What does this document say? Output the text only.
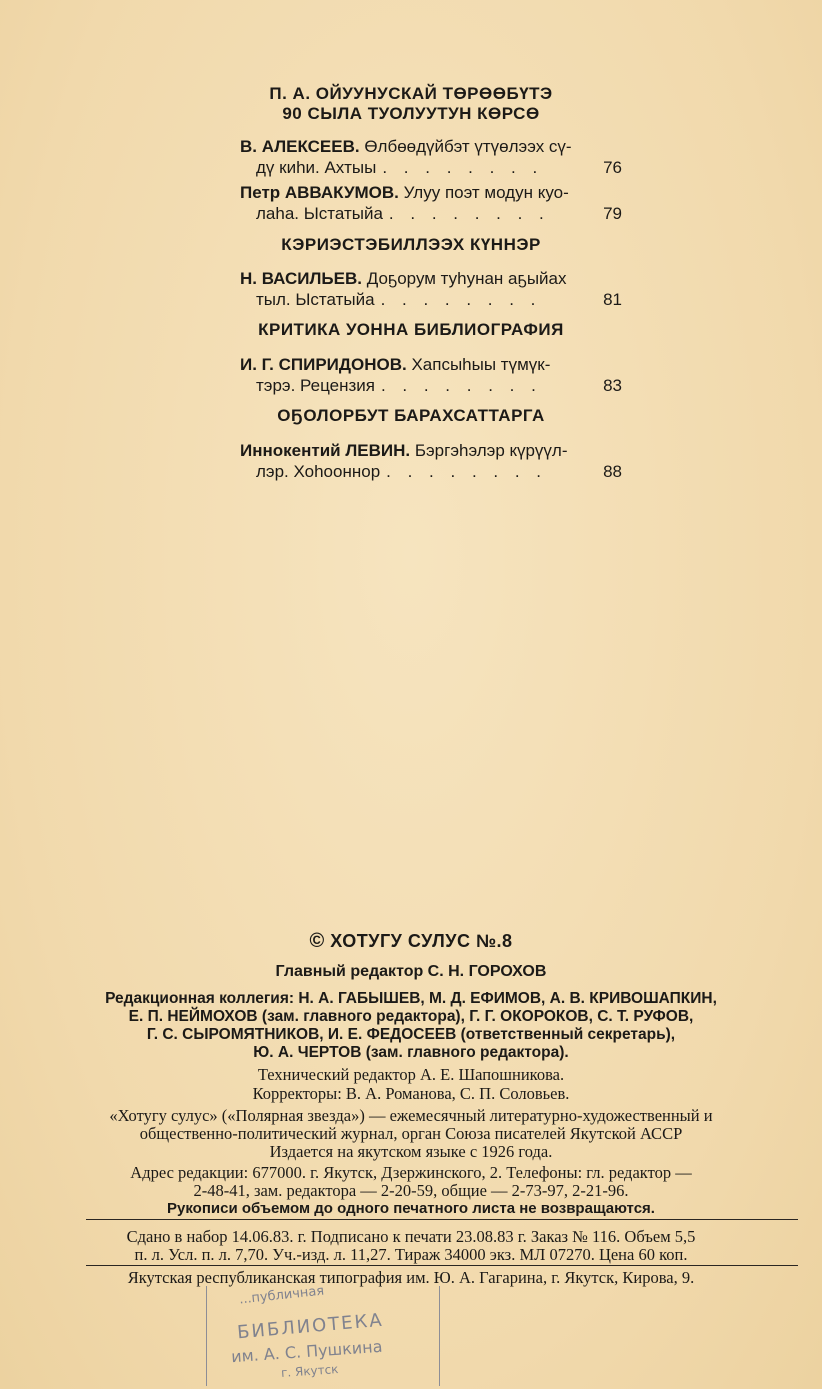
П. А. ОЙУУНУСКАЙ ТӨРӨӨБҮТЭ
90 СЫЛА ТУОЛУУТУН КӨРСӨ
В. АЛЕКСЕЕВ. Өлбөөдүйбэт үтүөлээх сү-
дү киһи. Ахтыы . . . . . . . .	76
Петр АВВАКУМОВ. Улуу поэт модун куо-
лаһа. Ыстатыйа . . . . . . . .	79
КЭРИЭСТЭБИЛЛЭЭХ КҮННЭР
Н. ВАСИЛЬЕВ. Доҕорум туһунан аҕыйах
тыл. Ыстатыйа . . . . . . . .	81
КРИТИКА УОННА БИБЛИОГРАФИЯ
И. Г. СПИРИДОНОВ. Хапсыһыы түмүк-
тэрэ. Рецензия . . . . . . . .	83
ОҔОЛОРБУТ БАРАХСАТТАРГА
Иннокентий ЛЕВИН. Бэргэһэлэр күрүүл-
лэр. Хоһооннор . . . . . . . .	88
© ХОТУГУ СУЛУС №.8
Главный редактор С. Н. ГОРОХОВ
Редакционная коллегия: Н. А. ГАБЫШЕВ, М. Д. ЕФИМОВ, А. В. КРИВОШАПКИН,
Е. П. НЕЙМОХОВ (зам. главного редактора), Г. Г. ОКОРОКОВ, С. Т. РУФОВ,
Г. С. СЫРОМЯТНИКОВ, И. Е. ФЕДОСЕЕВ (ответственный секретарь),
Ю. А. ЧЕРТОВ (зам. главного редактора).
Технический редактор А. Е. Шапошникова.
Корректоры: В. А. Романова, С. П. Соловьев.
«Хотугу сулус» («Полярная звезда») — ежемесячный литературно-художественный и
общественно-политический журнал, орган Союза писателей Якутской АССР
Издается на якутском языке с 1926 года.
Адрес редакции: 677000. г. Якутск, Дзержинского, 2. Телефоны: гл. редактор —
2-48-41, зам. редактора — 2-20-59, общие — 2-73-97, 2-21-96.
Рукописи объемом до одного печатного листа не возвращаются.
Сдано в набор 14.06.83. г. Подписано к печати 23.08.83 г. Заказ № 116. Объем 5,5
п. л. Усл. п. л. 7,70. Уч.-изд. л. 11,27. Тираж 34000 экз. МЛ 07270. Цена 60 коп.
Якутская республиканская типография им. Ю. А. Гагарина, г. Якутск, Кирова, 9.
...публичная
БИБЛИОТЕКА
им. А. С. Пушкина
г. Якутск
